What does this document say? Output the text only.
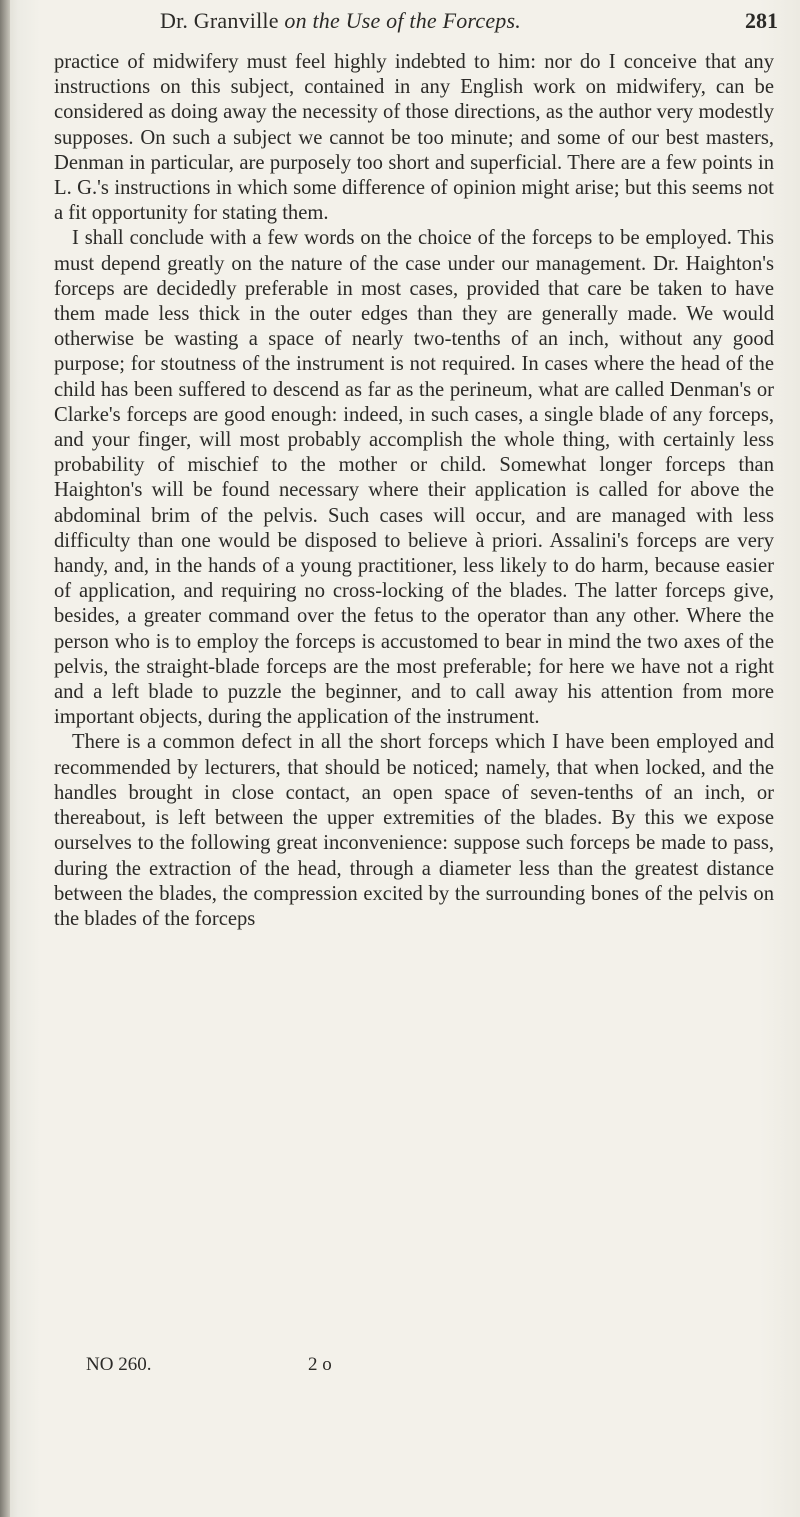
Dr. Granville on the Use of the Forceps.	281

practice of midwifery must feel highly indebted to him: nor do I conceive that any instructions on this subject, contained in any English work on midwifery, can be considered as doing away the necessity of those directions, as the author very modestly supposes. On such a subject we cannot be too minute; and some of our best masters, Denman in particular, are purposely too short and superficial. There are a few points in L. G.'s instructions in which some difference of opinion might arise; but this seems not a fit opportunity for stating them.

I shall conclude with a few words on the choice of the forceps to be employed. This must depend greatly on the nature of the case under our management. Dr. Haighton's forceps are decidedly preferable in most cases, provided that care be taken to have them made less thick in the outer edges than they are generally made. We would otherwise be wasting a space of nearly two-tenths of an inch, without any good purpose; for stoutness of the instrument is not required. In cases where the head of the child has been suffered to descend as far as the perineum, what are called Denman's or Clarke's forceps are good enough: indeed, in such cases, a single blade of any forceps, and your finger, will most probably accomplish the whole thing, with certainly less probability of mischief to the mother or child. Somewhat longer forceps than Haighton's will be found necessary where their application is called for above the abdominal brim of the pelvis. Such cases will occur, and are managed with less difficulty than one would be disposed to believe à priori. Assalini's forceps are very handy, and, in the hands of a young practitioner, less likely to do harm, because easier of application, and requiring no cross-locking of the blades. The latter forceps give, besides, a greater command over the fetus to the operator than any other. Where the person who is to employ the forceps is accustomed to bear in mind the two axes of the pelvis, the straight-blade forceps are the most preferable; for here we have not a right and a left blade to puzzle the beginner, and to call away his attention from more important objects, during the application of the instrument.

There is a common defect in all the short forceps which I have been employed and recommended by lecturers, that should be noticed; namely, that when locked, and the handles brought in close contact, an open space of seven-tenths of an inch, or thereabout, is left between the upper extremities of the blades. By this we expose ourselves to the following great inconvenience: suppose such forceps be made to pass, during the extraction of the head, through a diameter less than the greatest distance between the blades, the compression excited by the surrounding bones of the pelvis on the blades of the forceps

NO 260.	2 o
